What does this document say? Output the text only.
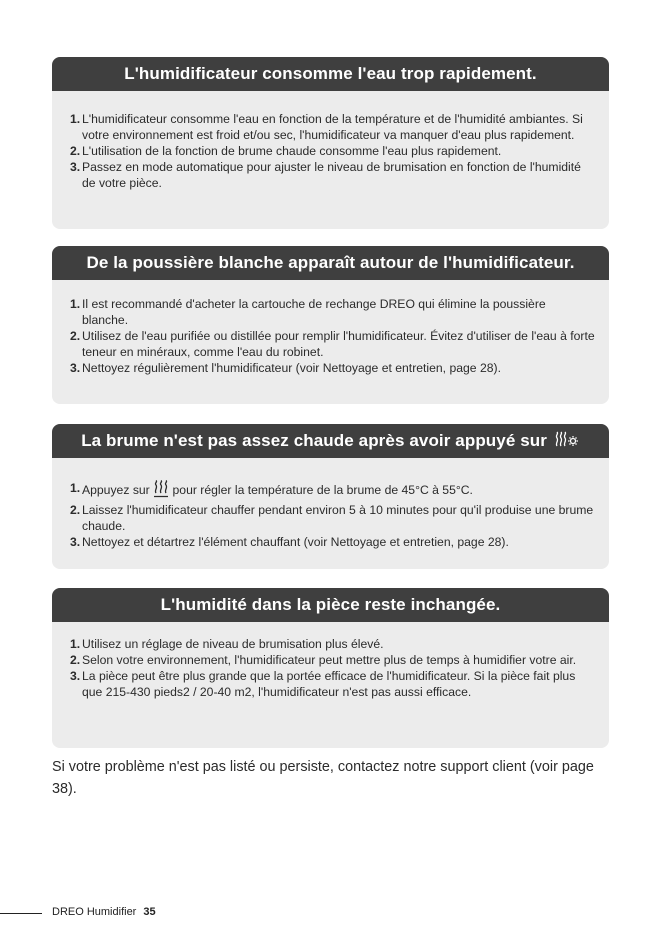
L'humidificateur consomme l'eau trop rapidement.
1. L'humidificateur consomme l'eau en fonction de la température et de l'humidité ambiantes. Si votre environnement est froid et/ou sec, l'humidificateur va manquer d'eau plus rapidement.
2. L'utilisation de la fonction de brume chaude consomme l'eau plus rapidement.
3. Passez en mode automatique pour ajuster le niveau de brumisation en fonction de l'humidité de votre pièce.
De la poussière blanche apparaît autour de l'humidificateur.
1. Il est recommandé d'acheter la cartouche de rechange DREO qui élimine la poussière blanche.
2. Utilisez de l'eau purifiée ou distillée pour remplir l'humidificateur. Évitez d'utiliser de l'eau à forte teneur en minéraux, comme l'eau du robinet.
3. Nettoyez régulièrement l'humidificateur (voir Nettoyage et entretien, page 28).
La brume n'est pas assez chaude après avoir appuyé sur
1. Appuyez sur pour régler la température de la brume de 45°C à 55°C.
2. Laissez l'humidificateur chauffer pendant environ 5 à 10 minutes pour qu'il produise une brume chaude.
3. Nettoyez et détartrez l'élément chauffant (voir Nettoyage et entretien, page 28).
L'humidité dans la pièce reste inchangée.
1. Utilisez un réglage de niveau de brumisation plus élevé.
2. Selon votre environnement, l'humidificateur peut mettre plus de temps à humidifier votre air.
3. La pièce peut être plus grande que la portée efficace de l'humidificateur. Si la pièce fait plus que 215-430 pieds2 / 20-40 m2, l'humidificateur n'est pas aussi efficace.
Si votre problème n'est pas listé ou persiste, contactez notre support client (voir page 38).
DREO Humidifier 35
